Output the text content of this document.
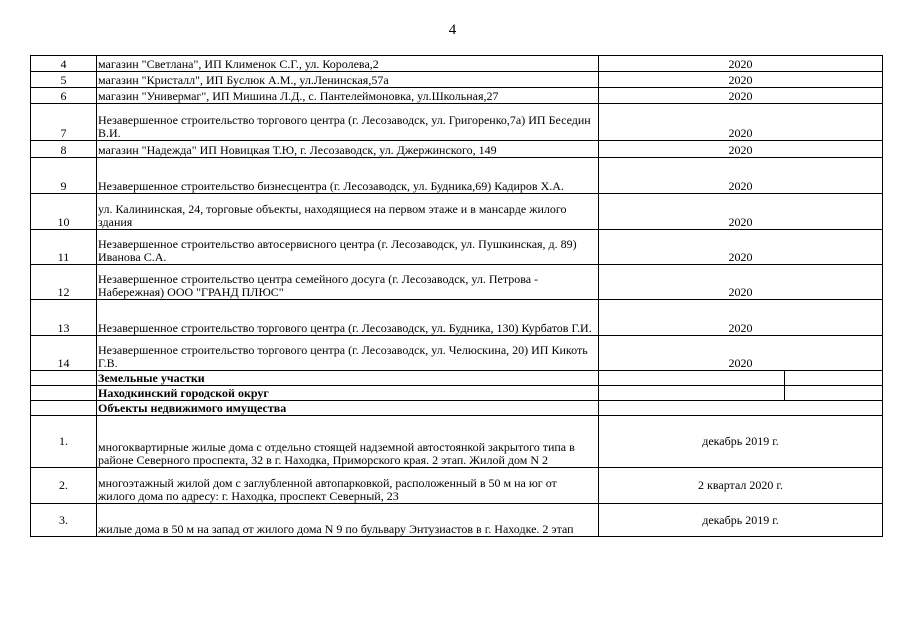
4
4	магазин "Светлана", ИП Клименок С.Г., ул. Королева,2	2020	
5	магазин "Кристалл", ИП Буслюк А.М., ул.Ленинская,57а	2020	
6	магазин "Универмаг", ИП Мишина Л.Д., с. Пантелеймоновка, ул.Школьная,27	2020	
7	Незавершенное строительство торгового центра (г. Лесозаводск, ул. Григоренко,7а) ИП Беседин В.И.	2020	
8	магазин "Надежда" ИП Новицкая Т.Ю, г. Лесозаводск, ул. Джержинского, 149	2020	
9	Незавершенное строительство бизнесцентра (г. Лесозаводск, ул. Будника,69) Кадиров Х.А.	2020	
10	ул. Калининская, 24, торговые объекты, находящиеся на первом этаже и в мансарде жилого здания	2020	
11	Незавершенное строительство автосервисного центра (г. Лесозаводск, ул. Пушкинская, д. 89) Иванова С.А.	2020	
12	Незавершенное строительство центра семейного досуга (г. Лесозаводск, ул. Петрова - Набережная) ООО "ГРАНД ПЛЮС"	2020	
13	Незавершенное строительство торгового центра (г. Лесозаводск, ул. Будника, 130) Курбатов Г.И.	2020	
14	Незавершенное строительство торгового центра (г. Лесозаводск, ул. Челюскина, 20) ИП Кикоть Г.В.	2020	
	Земельные участки		
	Находкинский городской округ		
	Объекты недвижимого имущества		
1.	многоквартирные жилые дома с отдельно стоящей надземной автостоянкой закрытого типа в районе Северного проспекта, 32 в г. Находка, Приморского края. 2 этап. Жилой дом N 2	декабрь 2019 г.	
2.	многоэтажный жилой дом с заглубленной автопарковкой, расположенный в 50 м на юг от жилого дома по адресу: г. Находка, проспект Северный, 23	2 квартал 2020 г.	
3.	жилые дома в 50 м на запад от жилого дома N 9 по бульвару Энтузиастов в г. Находке. 2 этап	декабрь 2019 г.	
